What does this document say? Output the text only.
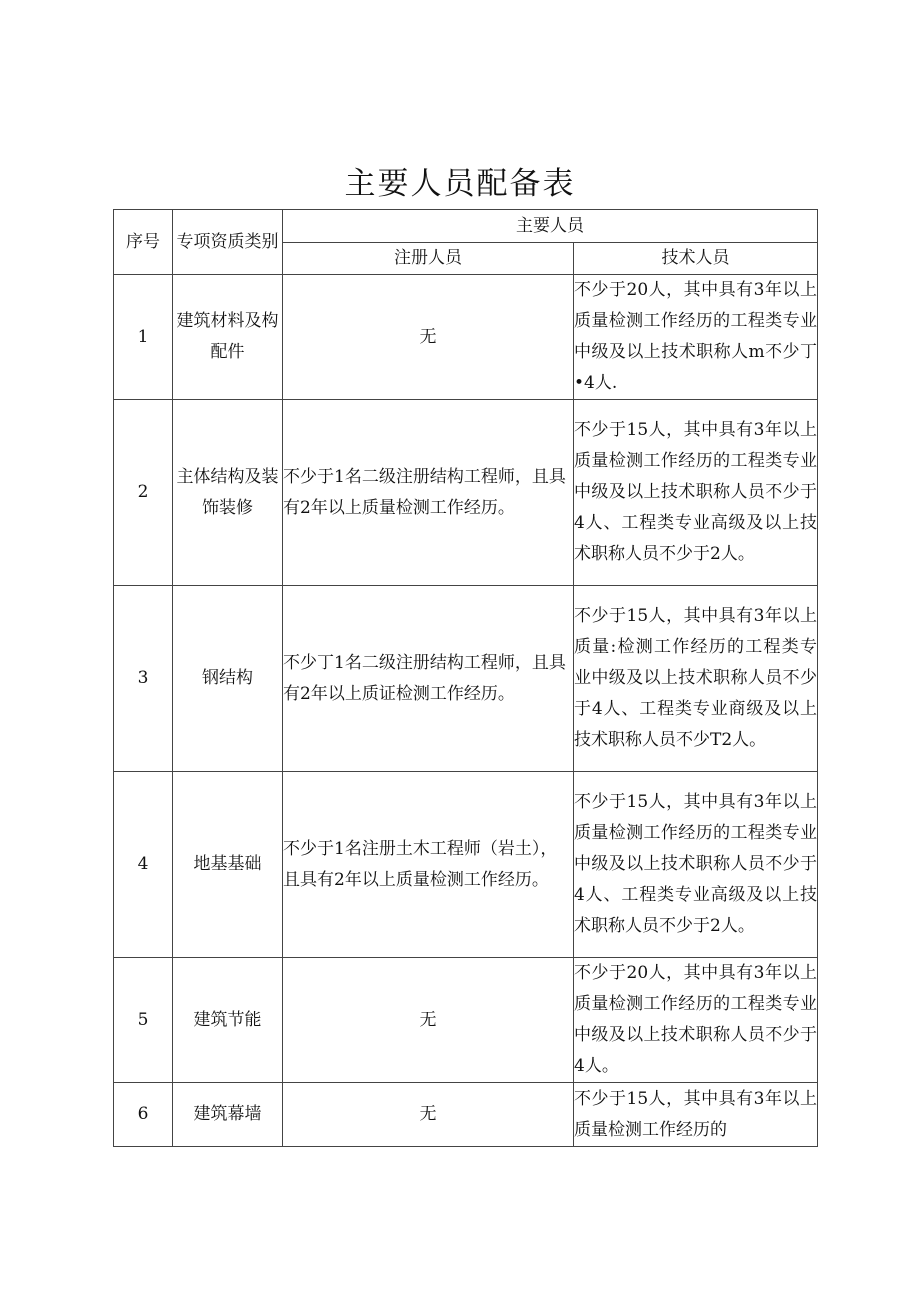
主要人员配备表
序号	专项资质类别	主要人员	
		注册人员	技术人员
1	建筑材料及构配件	无	不少于20人，其中具有3年以上质量检测工作经历的工程类专业中级及以上技术职称人m不少丁•4人.
2	主体结构及装饰装修	不少于1名二级注册结构工程师，且具有2年以上质量检测工作经历。	不少于15人，其中具有3年以上质量检测工作经历的工程类专业中级及以上技术职称人员不少于4人、工程类专业高级及以上技术职称人员不少于2人。
3	钢结构	不少丁1名二级注册结构工程师，且具有2年以上质证检测工作经历。	不少于15人，其中具有3年以上质量:检测工作经历的工程类专业中级及以上技术职称人员不少于4人、工程类专业商级及以上技术职称人员不少T2人。
4	地基基础	不少于1名注册土木工程师（岩土），且具有2年以上质量检测工作经历。	不少于15人，其中具有3年以上质量检测工作经历的工程类专业中级及以上技术职称人员不少于4人、工程类专业高级及以上技术职称人员不少于2人。
5	建筑节能	无	不少于20人，其中具有3年以上质量检测工作经历的工程类专业中级及以上技术职称人员不少于4人。
6	建筑幕墙	无	不少于15人，其中具有3年以上质量检测工作经历的
